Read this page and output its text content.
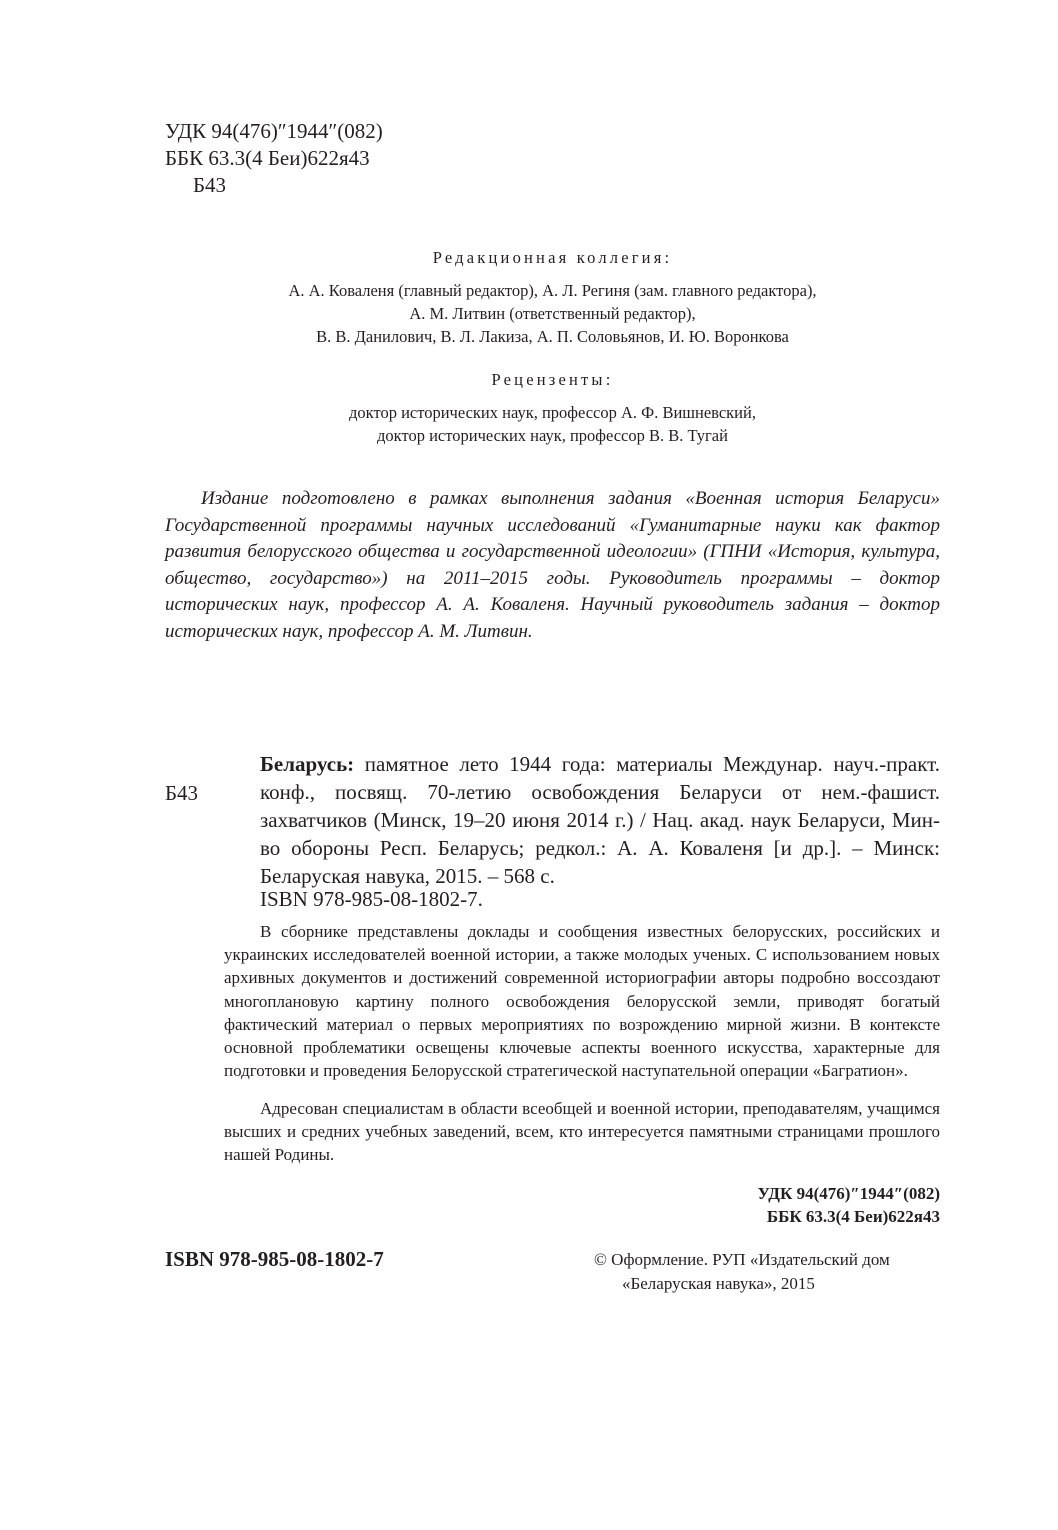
УДК 94(476)″1944″(082)
ББК 63.3(4 Беи)622я43
Б43
Редакционная коллегия:
А. А. Коваленя (главный редактор), А. Л. Региня (зам. главного редактора),
А. М. Литвин (ответственный редактор),
В. В. Данилович, В. Л. Лакиза, А. П. Соловьянов, И. Ю. Воронкова
Рецензенты:
доктор исторических наук, профессор А. Ф. Вишневский,
доктор исторических наук, профессор В. В. Тугай
Издание подготовлено в рамках выполнения задания «Военная история Беларуси» Государственной программы научных исследований «Гуманитарные науки как фактор развития белорусского общества и государственной идеологии» (ГПНИ «История, культура, общество, государство») на 2011–2015 годы. Руководитель программы – доктор исторических наук, профессор А. А. Коваленя. Научный руководитель задания – доктор исторических наук, профессор А. М. Литвин.
Б43
Беларусь: памятное лето 1944 года: материалы Междунар. науч.-практ. конф., посвящ. 70-летию освобождения Беларуси от нем.-фашист. захватчиков (Минск, 19–20 июня 2014 г.) / Нац. акад. наук Беларуси, Мин-во обороны Респ. Беларусь; редкол.: А. А. Коваленя [и др.]. – Минск: Беларуская навука, 2015. – 568 с.
ISBN 978-985-08-1802-7.
В сборнике представлены доклады и сообщения известных белорусских, российских и украинских исследователей военной истории, а также молодых ученых. С использованием новых архивных документов и достижений современной историографии авторы подробно воссоздают многоплановую картину полного освобождения белорусской земли, приводят богатый фактический материал о первых мероприятиях по возрождению мирной жизни. В контексте основной проблематики освещены ключевые аспекты военного искусства, характерные для подготовки и проведения Белорусской стратегической наступательной операции «Багратион».
Адресован специалистам в области всеобщей и военной истории, преподавателям, учащимся высших и средних учебных заведений, всем, кто интересуется памятными страницами прошлого нашей Родины.
УДК 94(476)″1944″(082)
ББК 63.3(4 Беи)622я43
ISBN 978-985-08-1802-7	© Оформление. РУП «Издательский дом
«Беларуская навука», 2015
